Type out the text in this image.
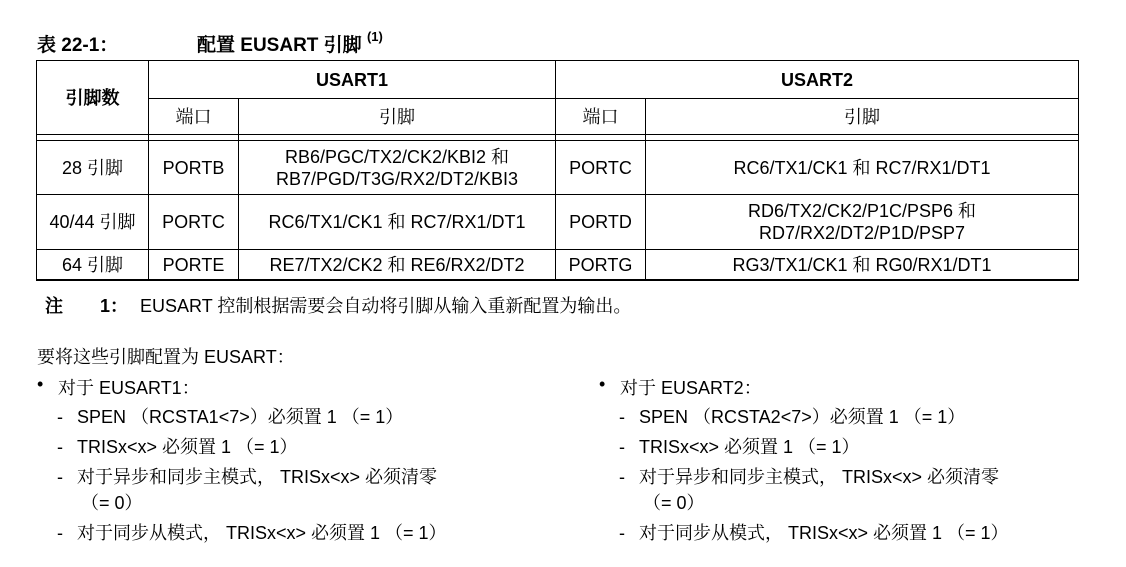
表 22-1：	配置 EUSART 引脚 $^{(1)}$
引脚数	USART1		USART2	
	端口	引脚	端口	引脚

28 引脚	PORTB	RB6/PGC/TX2/CK2/KBI2 和
RB7/PGD/T3G/RX2/DT2/KBI3	PORTC	RC6/TX1/CK1 和 RC7/RX1/DT1

40/44 引脚	PORTC	RC6/TX1/CK1 和 RC7/RX1/DT1	PORTD	RD6/TX2/CK2/P1C/PSP6 和
RD7/RX2/DT2/P1D/PSP7

64 引脚	PORTE	RE7/TX2/CK2 和 RE6/RX2/DT2	PORTG	RG3/TX1/CK1 和 RG0/RX1/DT1
注 1： EUSART 控制根据需要会自动将引脚从输入重新配置为输出。
要将这些引脚配置为 EUSART：
• 对于 EUSART1：
- SPEN （RCSTA1<7>）必须置 1 （= 1）
- TRISx<x> 必须置 1 （= 1）
- 对于异步和同步主模式， TRISx<x> 必须清零
（= 0）
- 对于同步从模式， TRISx<x> 必须置 1 （= 1）
• 对于 EUSART2：
- SPEN （RCSTA2<7>）必须置 1 （= 1）
- TRISx<x> 必须置 1 （= 1）
- 对于异步和同步主模式， TRISx<x> 必须清零
（= 0）
- 对于同步从模式， TRISx<x> 必须置 1 （= 1）
